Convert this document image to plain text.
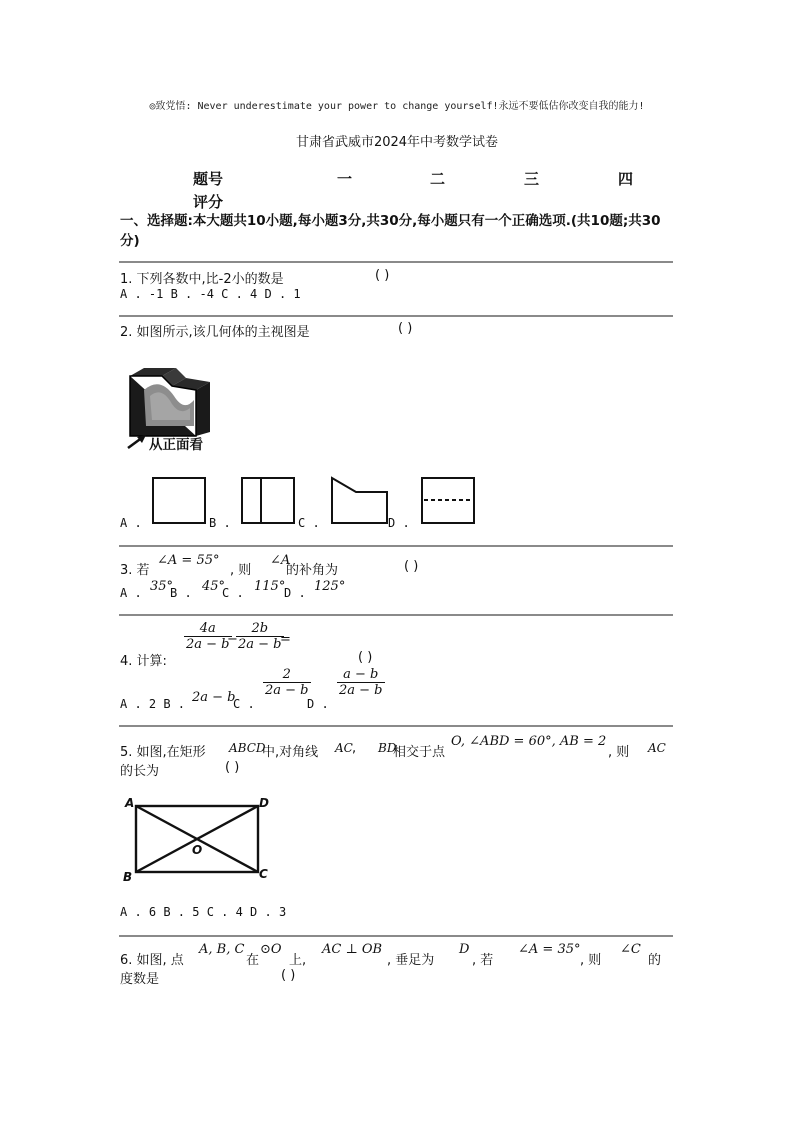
◎致党悟: Never underestimate your power to change yourself!永远不要低估你改变自我的能力!
甘肃省武威市2024年中考数学试卷
题号	一	二	三	四
评分
一、选择题:本大题共10小题,每小题3分,共30分,每小题只有一个正确选项.(共10题;共30分)
1. 下列各数中,比-2小的数是	( )
A . -1 B . -4 C . 4 D . 1
2. 如图所示,该几何体的主视图是	( )
从正面看
A .	B .	C .	D .
3. 若
∠A = 55°
, 则
∠A
的补角为	( )
A . 35°
B . 45°
C . 115°
D . 125°
4. 计算:
4a
2a − b
−
2b
2a − b
=
( )
A . 2 B . 2a − b
C .
2
2a − b
D .
a − b
2a − b
5. 如图,在矩形 ABCD
中,对角线 AC , BD
相交于点
O, ∠ABD = 60°, AB = 2
, 则 AC
的长为	( )
A	D
B	C
O
A . 6 B . 5 C . 4 D . 3
6. 如图, 点
A, B, C
在
⊙O
上,
AC ⊥ OB
, 垂足为
D
, 若
∠A = 35°
, 则
∠C
的
度数是	( )
